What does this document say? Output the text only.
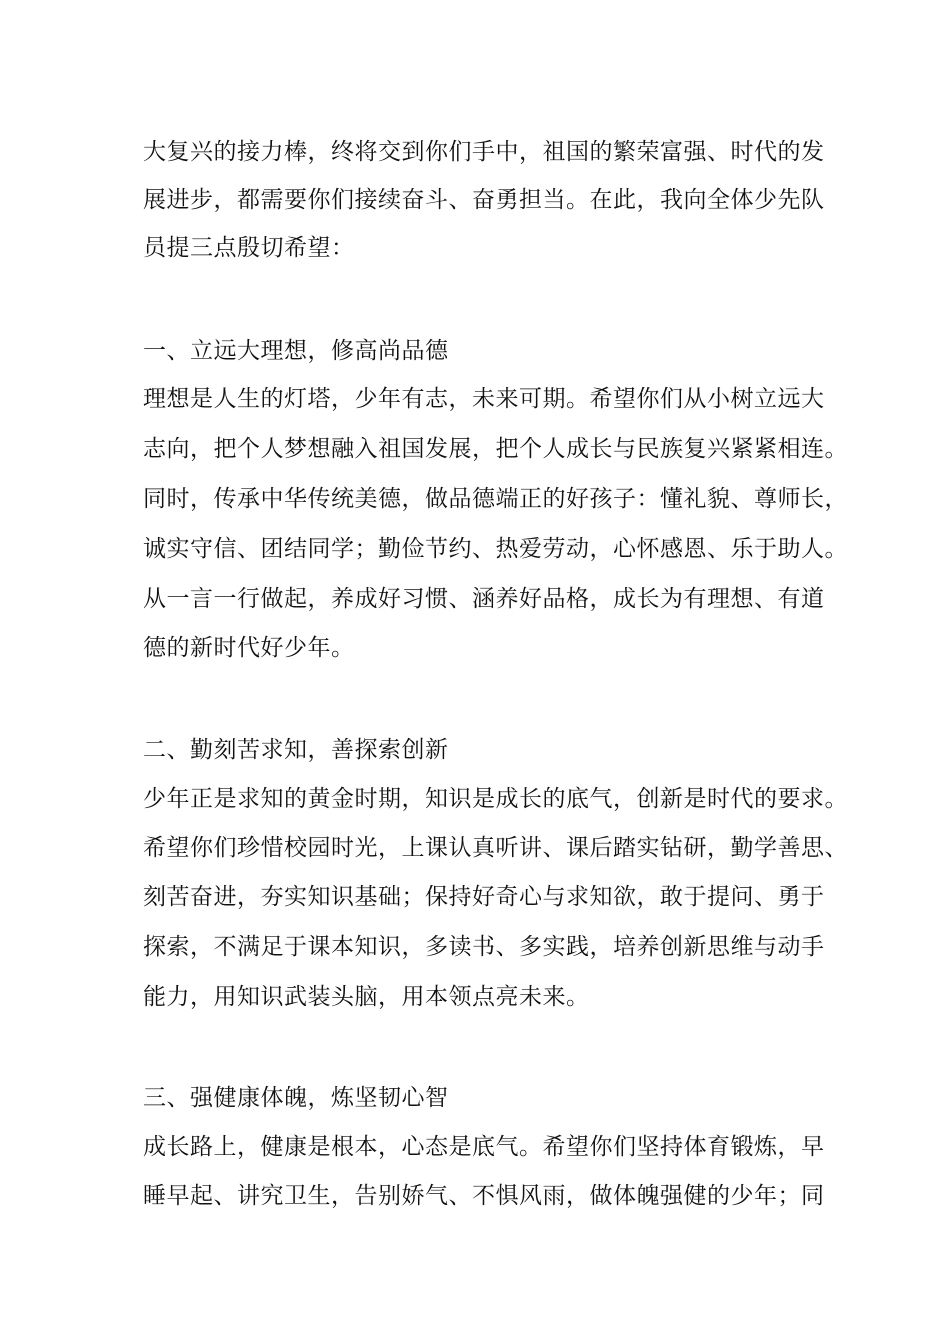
大复兴的接力棒，终将交到你们手中，祖国的繁荣富强、时代的发
展进步，都需要你们接续奋斗、奋勇担当。在此，我向全体少先队
员提三点殷切希望：
一、立远大理想，修高尚品德
理想是人生的灯塔，少年有志，未来可期。希望你们从小树立远大
志向，把个人梦想融入祖国发展，把个人成长与民族复兴紧紧相连。
同时，传承中华传统美德，做品德端正的好孩子：懂礼貌、尊师长，
诚实守信、团结同学；勤俭节约、热爱劳动，心怀感恩、乐于助人。
从一言一行做起，养成好习惯、涵养好品格，成长为有理想、有道
德的新时代好少年。
二、勤刻苦求知，善探索创新
少年正是求知的黄金时期，知识是成长的底气，创新是时代的要求。
希望你们珍惜校园时光，上课认真听讲、课后踏实钻研，勤学善思、
刻苦奋进，夯实知识基础；保持好奇心与求知欲，敢于提问、勇于
探索，不满足于课本知识，多读书、多实践，培养创新思维与动手
能力，用知识武装头脑，用本领点亮未来。
三、强健康体魄，炼坚韧心智
成长路上，健康是根本，心态是底气。希望你们坚持体育锻炼，早
睡早起、讲究卫生，告别娇气、不惧风雨，做体魄强健的少年；同
